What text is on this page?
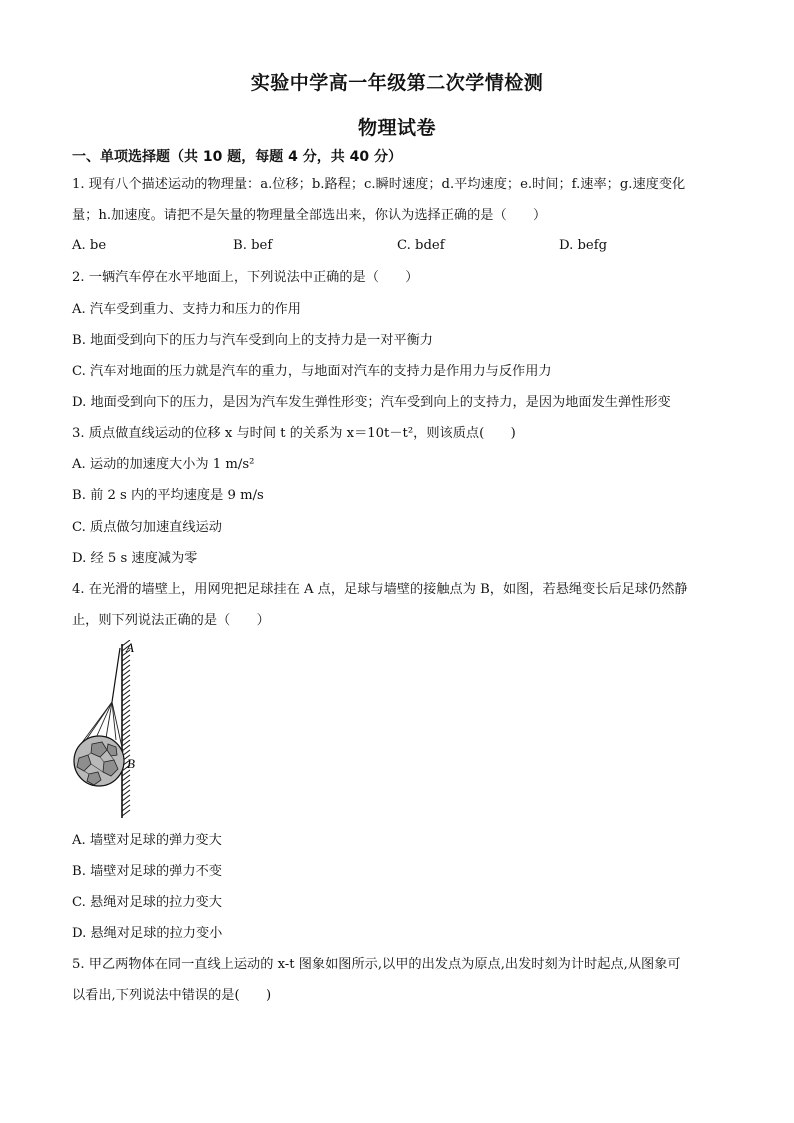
实验中学高一年级第二次学情检测
物理试卷
一、单项选择题（共 10 题，每题 4 分，共 40 分）
1. 现有八个描述运动的物理量：a.位移；b.路程；c.瞬时速度；d.平均速度；e.时间；f.速率；g.速度变化
量；h.加速度。请把不是矢量的物理量全部选出来，你认为选择正确的是（　　）
A. be	B. bef	C. bdef	D. befg
2. 一辆汽车停在水平地面上，下列说法中正确的是（　　）
A. 汽车受到重力、支持力和压力的作用
B. 地面受到向下的压力与汽车受到向上的支持力是一对平衡力
C. 汽车对地面的压力就是汽车的重力，与地面对汽车的支持力是作用力与反作用力
D. 地面受到向下的压力，是因为汽车发生弹性形变；汽车受到向上的支持力，是因为地面发生弹性形变
3. 质点做直线运动的位移 x 与时间 t 的关系为 x＝10t－t²，则该质点(　　)
A. 运动的加速度大小为 1 m/s²
B. 前 2 s 内的平均速度是 9 m/s
C. 质点做匀加速直线运动
D. 经 5 s 速度减为零
4. 在光滑的墙壁上，用网兜把足球挂在 A 点，足球与墙壁的接触点为 B，如图，若悬绳变长后足球仍然静
止，则下列说法正确的是（　　）
A
B
A. 墙壁对足球的弹力变大
B. 墙壁对足球的弹力不变
C. 悬绳对足球的拉力变大
D. 悬绳对足球的拉力变小
5. 甲乙两物体在同一直线上运动的 x-t 图象如图所示,以甲的出发点为原点,出发时刻为计时起点,从图象可
以看出,下列说法中错误的是(　　)
